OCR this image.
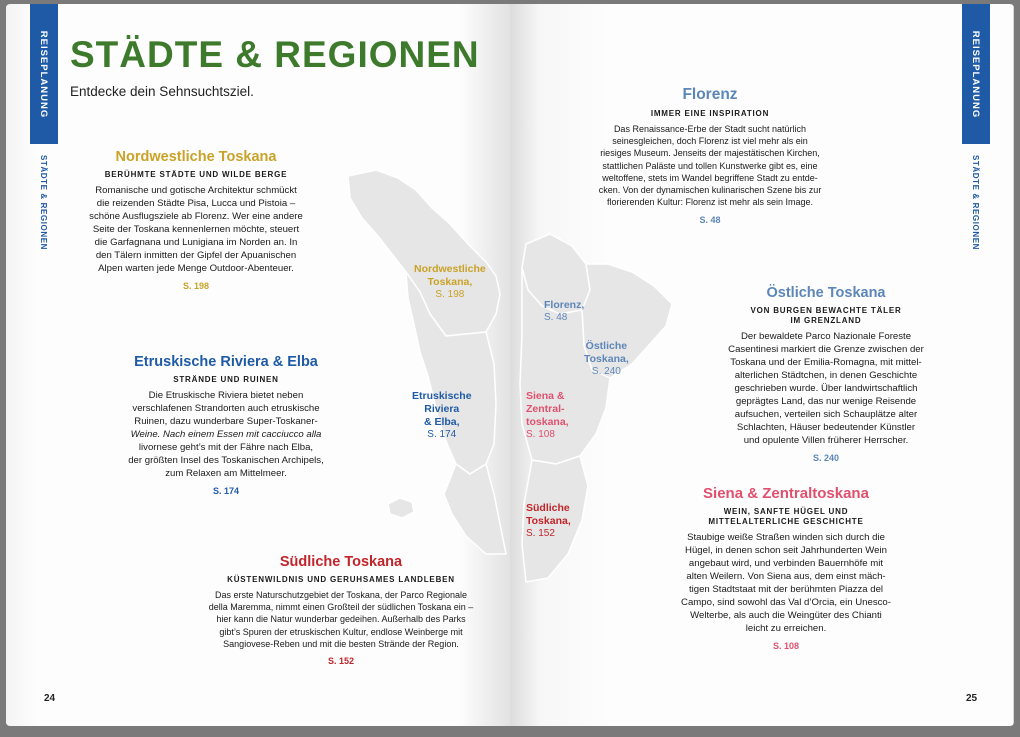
REISEPLANUNG
STÄDTE & REGIONEN
STÄDTE & REGIONEN
Entdecke dein Sehnsuchtsziel.
Nordwestliche Toskana
BERÜHMTE STÄDTE UND WILDE BERGE
Romanische und gotische Architektur schmückt
die reizenden Städte Pisa, Lucca und Pistoia –
schöne Ausflugsziele ab Florenz. Wer eine andere
Seite der Toskana kennenlernen möchte, steuert
die Garfagnana und Lunigiana im Norden an. In
den Tälern inmitten der Gipfel der Apuanischen
Alpen warten jede Menge Outdoor-Abenteuer.
S. 198
Etruskische Riviera & Elba
STRÄNDE UND RUINEN
Die Etruskische Riviera bietet neben
verschlafenen Strandorten auch etruskische
Ruinen, dazu wunderbare Super-Toskaner-
Weine. Nach einem Essen mit cacciucco alla
livornese geht’s mit der Fähre nach Elba,
der größten Insel des Toskanischen Archipels,
zum Relaxen am Mittelmeer.
S. 174
Südliche Toskana
KÜSTENWILDNIS UND GERUHSAMES LANDLEBEN
Das erste Naturschutzgebiet der Toskana, der Parco Regionale
della Maremma, nimmt einen Großteil der südlichen Toskana ein –
hier kann die Natur wunderbar gedeihen. Außerhalb des Parks
gibt’s Spuren der etruskischen Kultur, endlose Weinberge mit
Sangiovese-Reben und mit die besten Strände der Region.
S. 152
24
REISEPLANUNG
STÄDTE & REGIONEN
Florenz
IMMER EINE INSPIRATION
Das Renaissance-Erbe der Stadt sucht natürlich
seinesgleichen, doch Florenz ist viel mehr als ein
riesiges Museum. Jenseits der majestätischen Kirchen,
stattlichen Paläste und tollen Kunstwerke gibt es, eine
weltoffene, stets im Wandel begriffene Stadt zu entde-
cken. Von der dynamischen kulinarischen Szene bis zur
florierenden Kultur: Florenz ist mehr als sein Image.
S. 48
Östliche Toskana
VON BURGEN BEWACHTE TÄLER
IM GRENZLAND
Der bewaldete Parco Nazionale Foreste
Casentinesi markiert die Grenze zwischen der
Toskana und der Emilia-Romagna, mit mittel-
alterlichen Städtchen, in denen Geschichte
geschrieben wurde. Über landwirtschaftlich
geprägtes Land, das nur wenige Reisende
aufsuchen, verteilen sich Schauplätze alter
Schlachten, Häuser bedeutender Künstler
und opulente Villen früherer Herrscher.
S. 240
Siena & Zentraltoskana
WEIN, SANFTE HÜGEL UND
MITTELALTERLICHE GESCHICHTE
Staubige weiße Straßen winden sich durch die
Hügel, in denen schon seit Jahrhunderten Wein
angebaut wird, und verbinden Bauernhöfe mit
alten Weilern. Von Siena aus, dem einst mäch-
tigen Stadtstaat mit der berühmten Piazza del
Campo, sind sowohl das Val d’Orcia, ein Unesco-
Welterbe, als auch die Weingüter des Chianti
leicht zu erreichen.
S. 108
25
Nordwestliche
Toskana,
S. 198
Etruskische
Riviera
& Elba,
S. 174
Florenz,
S. 48
Östliche
Toskana,
S. 240
Siena &
Zentral-
toskana,
S. 108
Südliche
Toskana,
S. 152
